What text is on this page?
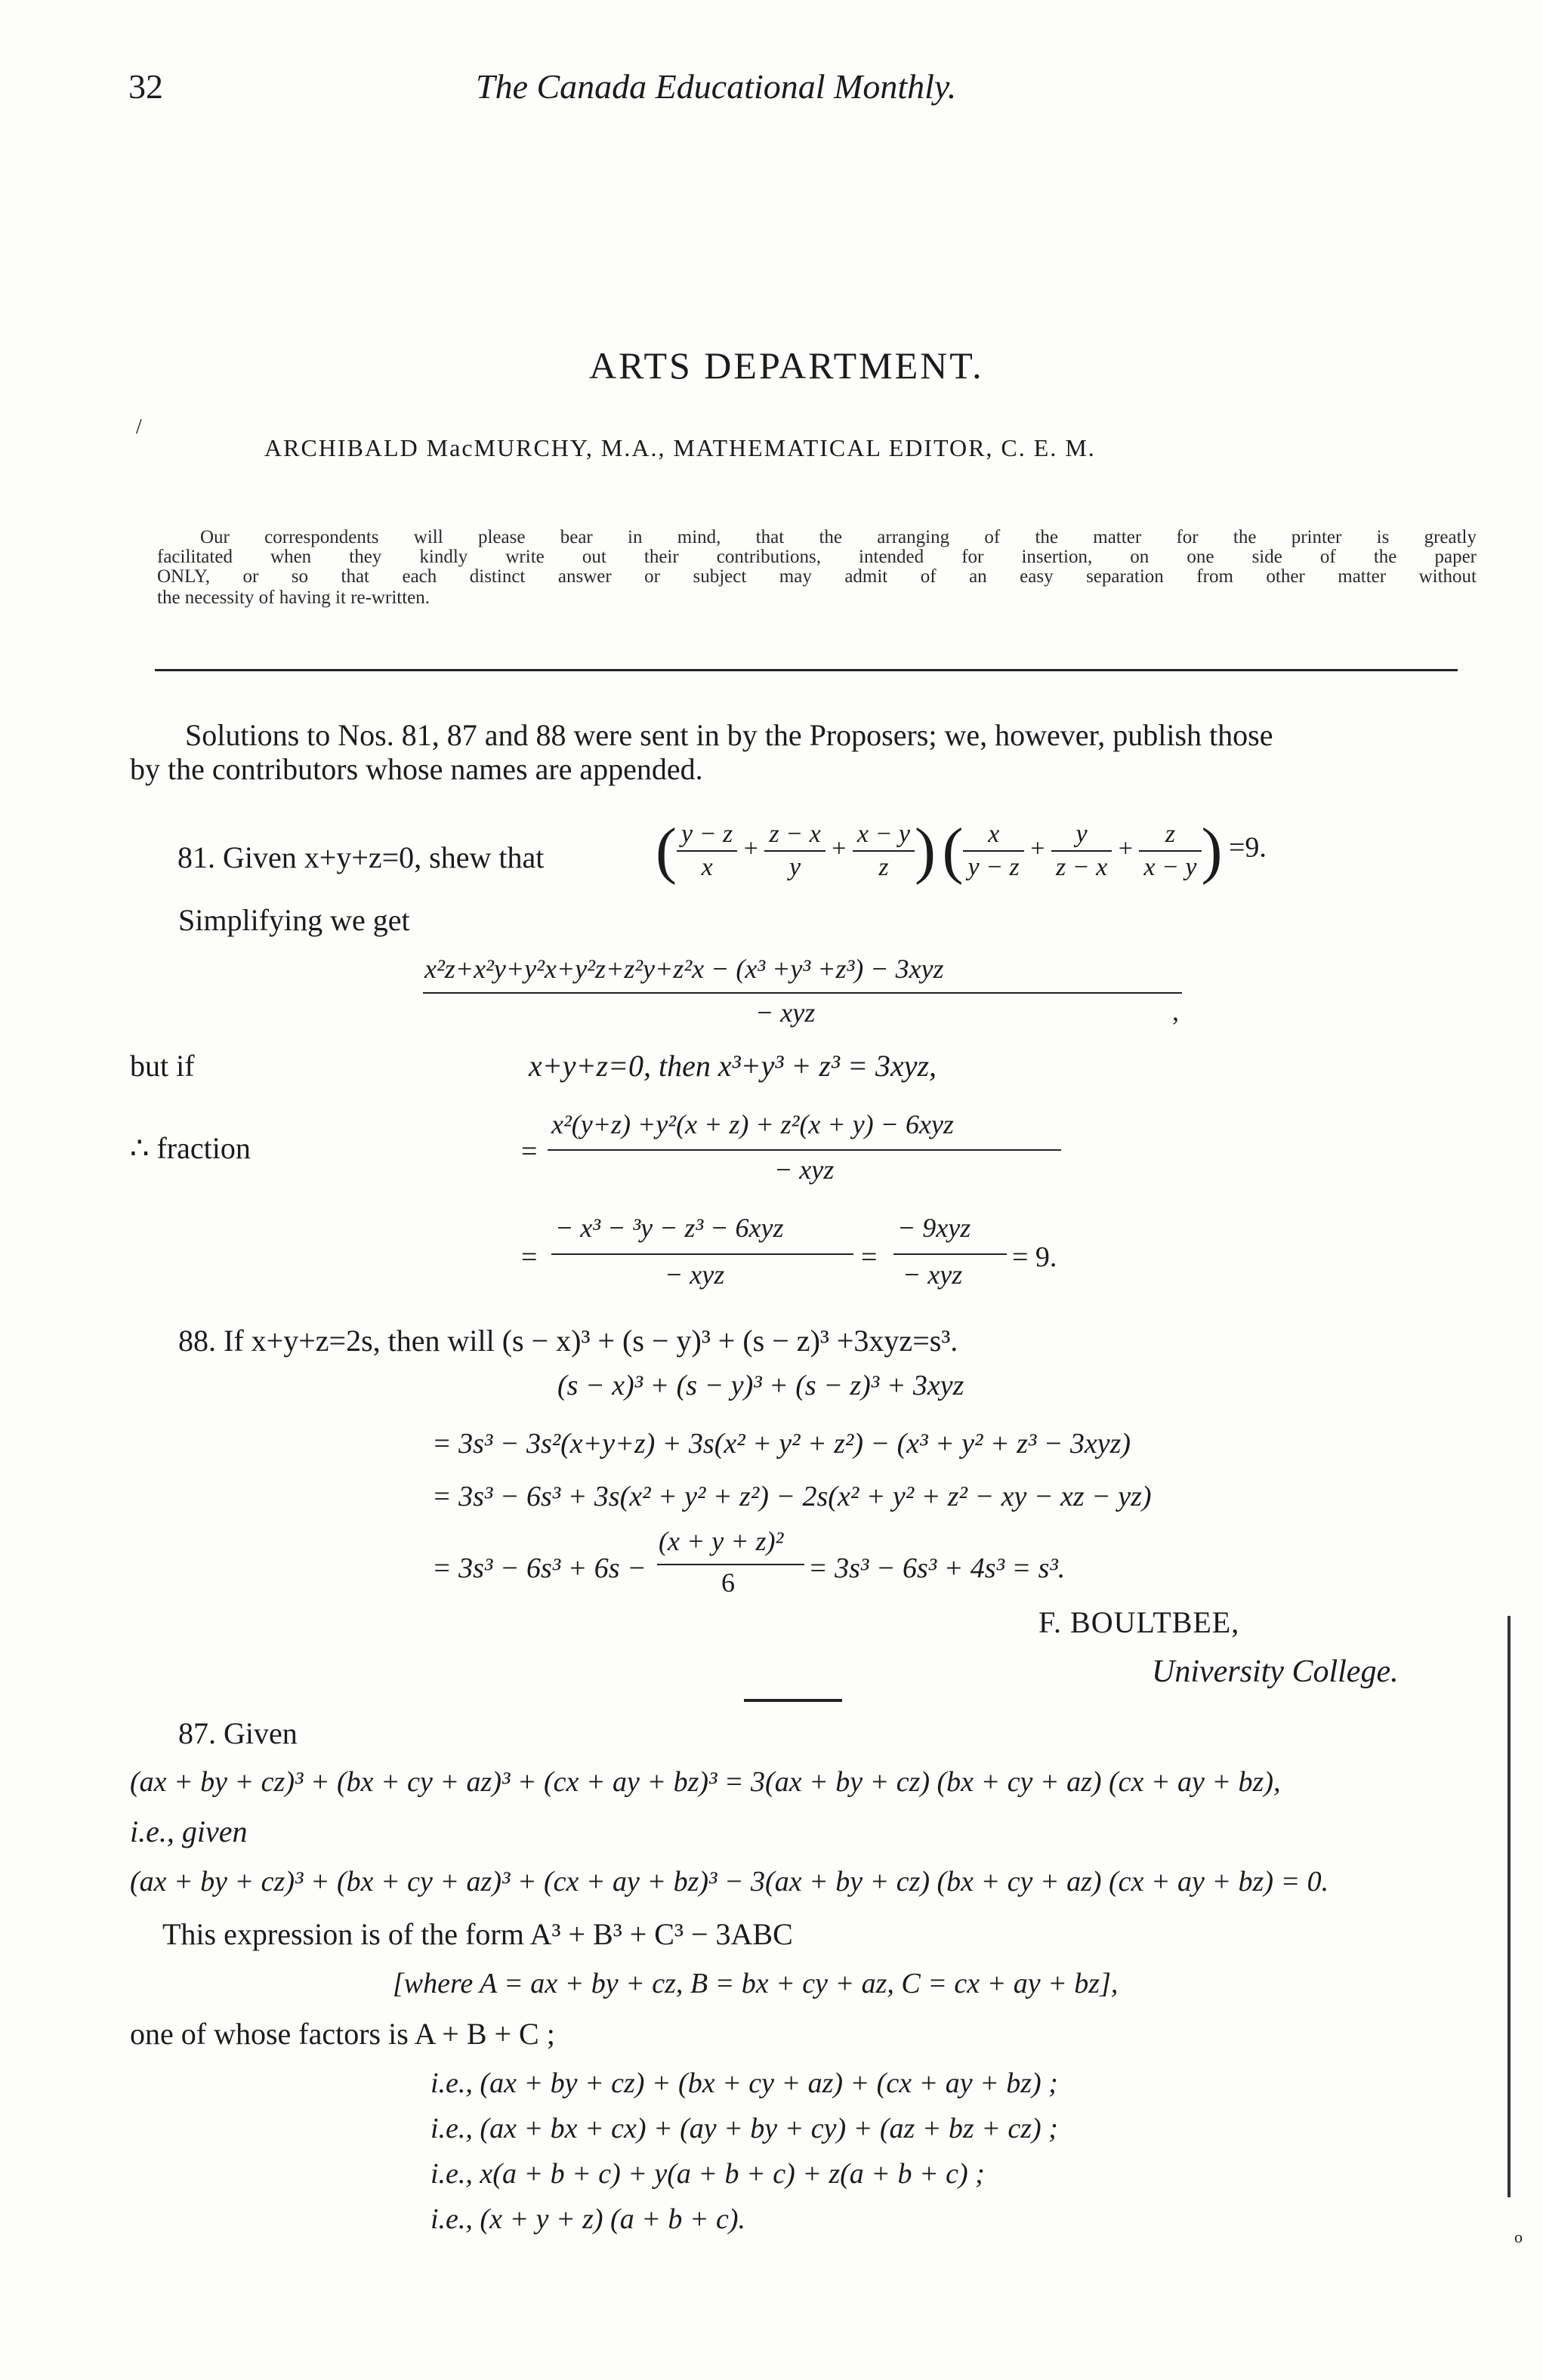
32	The Canada Educational Monthly.
ARTS DEPARTMENT.
/
ARCHIBALD MacMURCHY, M.A., MATHEMATICAL EDITOR, C. E. M.
Our correspondents will please bear in mind, that the arranging of the matter for the printer is greatly
facilitated when they kindly write out their contributions, intended for insertion, on one side of the paper
ONLY, or so that each distinct answer or subject may admit of an easy separation from other matter without
the necessity of having it re-written.
Solutions to Nos. 81, 87 and 88 were sent in by the Proposers; we, however, publish those
by the contributors whose names are appended.
81. Given x+y+z=0, shew that ( $\frac{y - z}{x} + \frac{z - x}{y} + \frac{x - y}{z}$ ) ( $\frac{x}{y - z} + \frac{y}{z - x} + \frac{z}{x - y}$ ) =9.
Simplifying we get
x²z+x²y+y²x+y²z+z²y+z²x − (x³ +y³ +z³) − 3xyz
− xyz	,
but if	x+y+z=0, then x³+y³ + z³ = 3xyz,
∴ fraction	=
x²(y+z) +y²(x + z) + z²(x + y) − 6xyz
− xyz
=
− x³ − ³y − z³ − 6xyz
− xyz
=
− 9xyz
− xyz
= 9.
88. If x+y+z=2s, then will (s − x)³ + (s − y)³ + (s − z)³ +3xyz=s³.
(s − x)³ + (s − y)³ + (s − z)³ + 3xyz
= 3s³ − 3s²(x+y+z) + 3s(x² + y² + z²) − (x³ + y² + z³ − 3xyz)
= 3s³ − 6s³ + 3s(x² + y² + z²) − 2s(x² + y² + z² − xy − xz − yz)
= 3s³ − 6s³ + 6s −
(x + y + z)²
6	= 3s³ − 6s³ + 4s³ = s³.
F. BOULTBEE,
University College.
87. Given
(ax + by + cz)³ + (bx + cy + az)³ + (cx + ay + bz)³ = 3(ax + by + cz) (bx + cy + az) (cx + ay + bz),
i.e., given
(ax + by + cz)³ + (bx + cy + az)³ + (cx + ay + bz)³ − 3(ax + by + cz) (bx + cy + az) (cx + ay + bz) = 0.
This expression is of the form A³ + B³ + C³ − 3ABC
[where A = ax + by + cz, B = bx + cy + az, C = cx + ay + bz],
one of whose factors is A + B + C ;
i.e., (ax + by + cz) + (bx + cy + az) + (cx + ay + bz) ;
i.e., (ax + bx + cx) + (ay + by + cy) + (az + bz + cz) ;
i.e., x(a + b + c) + y(a + b + c) + z(a + b + c) ;
i.e., (x + y + z) (a + b + c).
o
